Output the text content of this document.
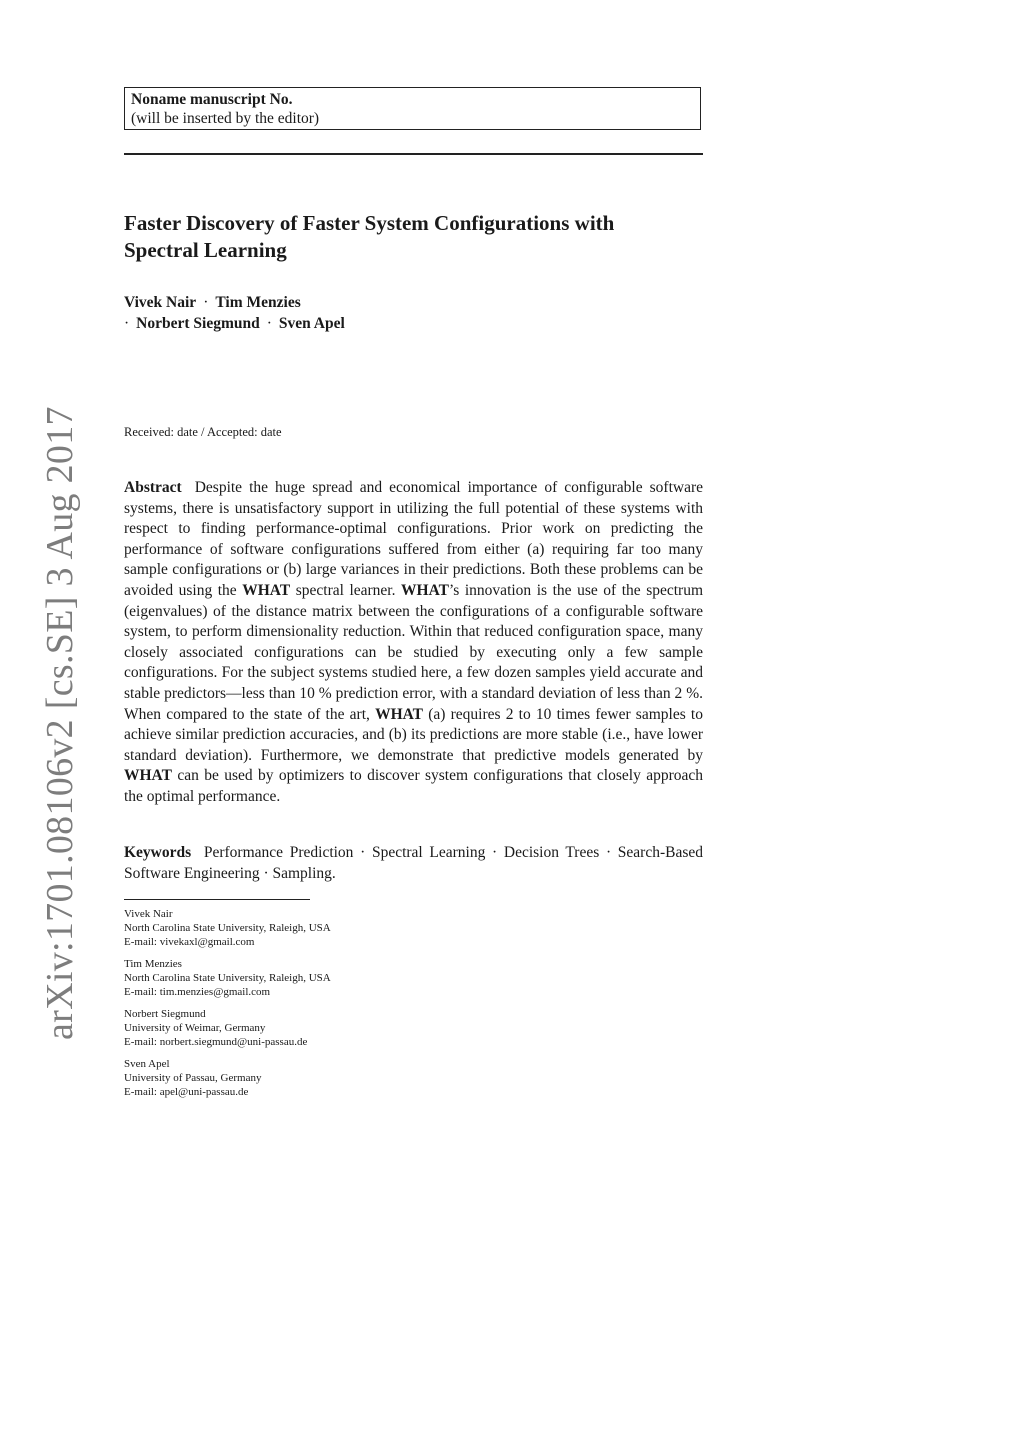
Noname manuscript No.
(will be inserted by the editor)
Faster Discovery of Faster System Configurations with
Spectral Learning
Vivek Nair · Tim Menzies
· Norbert Siegmund · Sven Apel
Received: date / Accepted: date
arXiv:1701.08106v2 [cs.SE] 3 Aug 2017	Abstract Despite the huge spread and economical importance of configurable software systems, there is unsatisfactory support in utilizing the full potential of these systems with respect to finding performance-optimal configurations. Prior work on predicting the performance of software configurations suffered from either (a) requiring far too many sample configurations or (b) large variances in their predictions. Both these problems can be avoided using the WHAT spectral learner. WHAT’s innovation is the use of the spectrum (eigenvalues) of the distance matrix between the configurations of a configurable software system, to perform dimensionality reduction. Within that reduced configuration space, many closely associated configurations can be studied by executing only a few sample configurations. For the subject systems studied here, a few dozen samples yield accurate and stable predictors—less than 10 % prediction error, with a standard deviation of less than 2 %. When compared to the state of the art, WHAT (a) requires 2 to 10 times fewer samples to achieve similar prediction accuracies, and (b) its predictions are more stable (i.e., have lower standard deviation). Furthermore, we demonstrate that predictive models generated by WHAT can be used by optimizers to discover system configurations that closely approach the optimal performance.
Keywords Performance Prediction · Spectral Learning · Decision Trees · Search-Based Software Engineering · Sampling.
Vivek Nair
North Carolina State University, Raleigh, USA
E-mail: vivekaxl@gmail.com
Tim Menzies
North Carolina State University, Raleigh, USA
E-mail: tim.menzies@gmail.com
Norbert Siegmund
University of Weimar, Germany
E-mail: norbert.siegmund@uni-passau.de
Sven Apel
University of Passau, Germany
E-mail: apel@uni-passau.de
